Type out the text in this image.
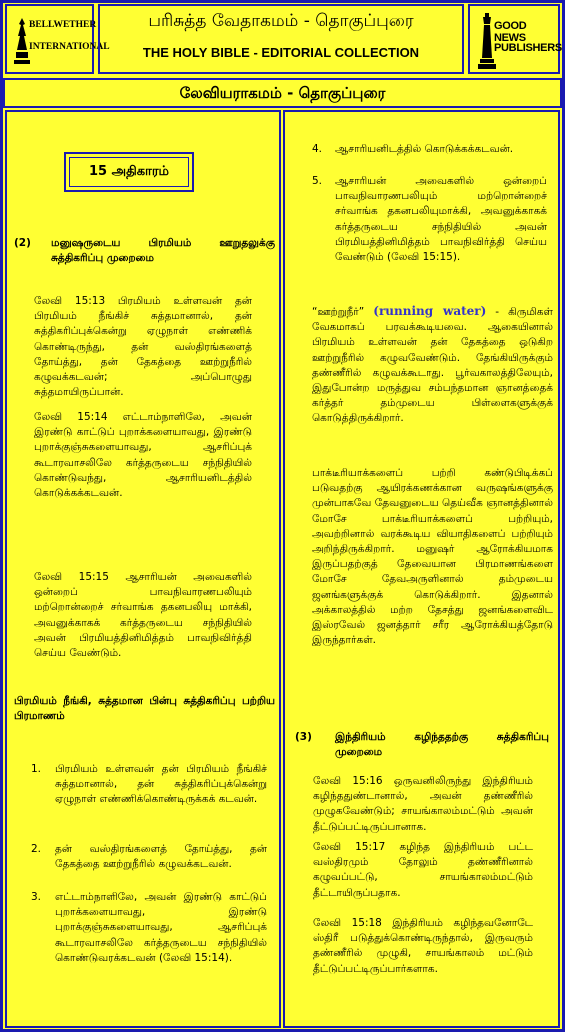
BELLWETHER
INTERNATIONAL
பரிசுத்த வேதாகமம் - தொகுப்புரை
THE HOLY BIBLE - EDITORIAL COLLECTION
GOOD NEWS
PUBLISHERS
லேவியராகமம் - தொகுப்புரை
15 அதிகாரம்
(2) மனுஷருடைய பிரமியம் ஊறுதலுக்கு சுத்திகரிப்பு முறைமை
லேவி 15:13 பிரமியம் உள்ளவன் தன் பிரமியம் நீங்கிச் சுத்தமானால், தன் சுத்திகரிப்புக்கென்று ஏழுநாள் எண்ணிக் கொண்டிருந்து, தன் வஸ்திரங்களைத் தோய்த்து, தன் தேகத்தை ஊற்றுநீரில் கழுவக்கடவன்; அப்பொழுது சுத்தமாயிருப்பான்.
லேவி 15:14 எட்டாம்நாளிலே, அவன் இரண்டு காட்டுப் புறாக்களையாவது, இரண்டு புறாக்குஞ்சுகளையாவது, ஆசரிப்புக் கூடாரவாசலிலே கர்த்தருடைய சந்நிதியில் கொண்டுவந்து, ஆசாரியனிடத்தில் கொடுக்கக்கடவன்.
லேவி 15:15 ஆசாரியன் அவைகளில் ஒன்றைப் பாவநிவாரணபலியும் மற்றொன்றைச் சர்வாங்க தகனபலியு மாக்கி, அவனுக்காகக் கர்த்தருடைய சந்நிதியில் அவன் பிரமியத்தினிமித்தம் பாவநிவிர்த்தி செய்ய வேண்டும்.
பிரமியம் நீங்கி, சுத்தமான பின்பு சுத்திகரிப்பு பற்றிய பிரமாணம்
1. பிரமியம் உள்ளவன் தன் பிரமியம் நீங்கிச் சுத்தமானால், தன் சுத்திகரிப்புக்கென்று ஏழுநாள் எண்ணிக்கொண்டிருக்கக் கடவன்.
2. தன் வஸ்திரங்களைத் தோய்த்து, தன் தேகத்தை ஊற்றுநீரில் கழுவக்கடவன்.
3. எட்டாம்நாளிலே, அவன் இரண்டு காட்டுப் புறாக்களையாவது, இரண்டு புறாக்குஞ்சுகளையாவது, ஆசரிப்புக் கூடாரவாசலிலே கர்த்தருடைய சந்நிதியில் கொண்டுவரக்கடவன் (லேவி 15:14).
4. ஆசாரியனிடத்தில் கொடுக்கக்கடவன்.
5. ஆசாரியன் அவைகளில் ஒன்றைப் பாவநிவாரணபலியும் மற்றொன்றைச் சர்வாங்க தகனபலியுமாக்கி, அவனுக்காகக் கர்த்தருடைய சந்நிதியில் அவன் பிரமியத்தினிமித்தம் பாவநிவிர்த்தி செய்ய வேண்டும் (லேவி 15:15).
“ஊற்றுநீர்” (running water) - கிருமிகள் வேகமாகப் பரவக்கூடியவை. ஆகையினால் பிரமியம் உள்ளவன் தன் தேகத்தை ஒடுகிற ஊற்றுநீரில் கழுவவேண்டும். தேங்கியிருக்கும் தண்ணீரில் கழுவக்கூடாது. பூர்வகாலத்திலேயும், இதுபோன்ற மருத்துவ சம்பந்தமான ஞானத்தைக் கர்த்தர் தம்முடைய பிள்ளைகளுக்குக் கொடுத்திருக்கிறார்.
பாக்டீரியாக்களைப் பற்றி கண்டுபிடிக்கப் படுவதற்கு ஆயிரக்கணக்கான வருஷங்களுக்கு முன்பாகவே தேவனுடைய தெய்வீக ஞானத்தினால் மோசே பாக்டீரியாக்களைப் பற்றியும், அவற்றினால் வரக்கூடிய வியாதிகளைப் பற்றியும் அறிந்திருக்கிறார். மனுஷர் ஆரோக்கியமாக இருப்பதற்குத் தேவையான பிரமாணங்களை மோசே தேவஅருளினால் தம்முடைய ஜனங்களுக்குக் கொடுக்கிறார். இதனால் அக்காலத்தில் மற்ற தேசத்து ஜனங்களைவிட இஸ்ரவேல் ஜனத்தார் சரீர ஆரோக்கியத்தோடு இருந்தார்கள்.
(3) இந்திரியம் கழிந்ததற்கு சுத்திகரிப்பு முறைமை
லேவி 15:16 ஒருவனிலிருந்து இந்திரியம் கழிந்ததுண்டானால், அவன் தண்ணீரில் முழுகவேண்டும்; சாயங்காலம்மட்டும் அவன் தீட்டுப்பட்டிருப்பானாக.
லேவி 15:17 கழிந்த இந்திரியம் பட்ட வஸ்திரமும் தோலும் தண்ணீரினால் கழுவப்பட்டு, சாயங்காலம்மட்டும் தீட்டாயிருப்பதாக.
லேவி 15:18 இந்திரியம் கழிந்தவனோடே ஸ்திரீ படுத்துக்கொண்டிருந்தால், இருவரும் தண்ணீரில் முழுகி, சாயங்காலம் மட்டும் தீட்டுப்பட்டிருப்பார்களாக.
